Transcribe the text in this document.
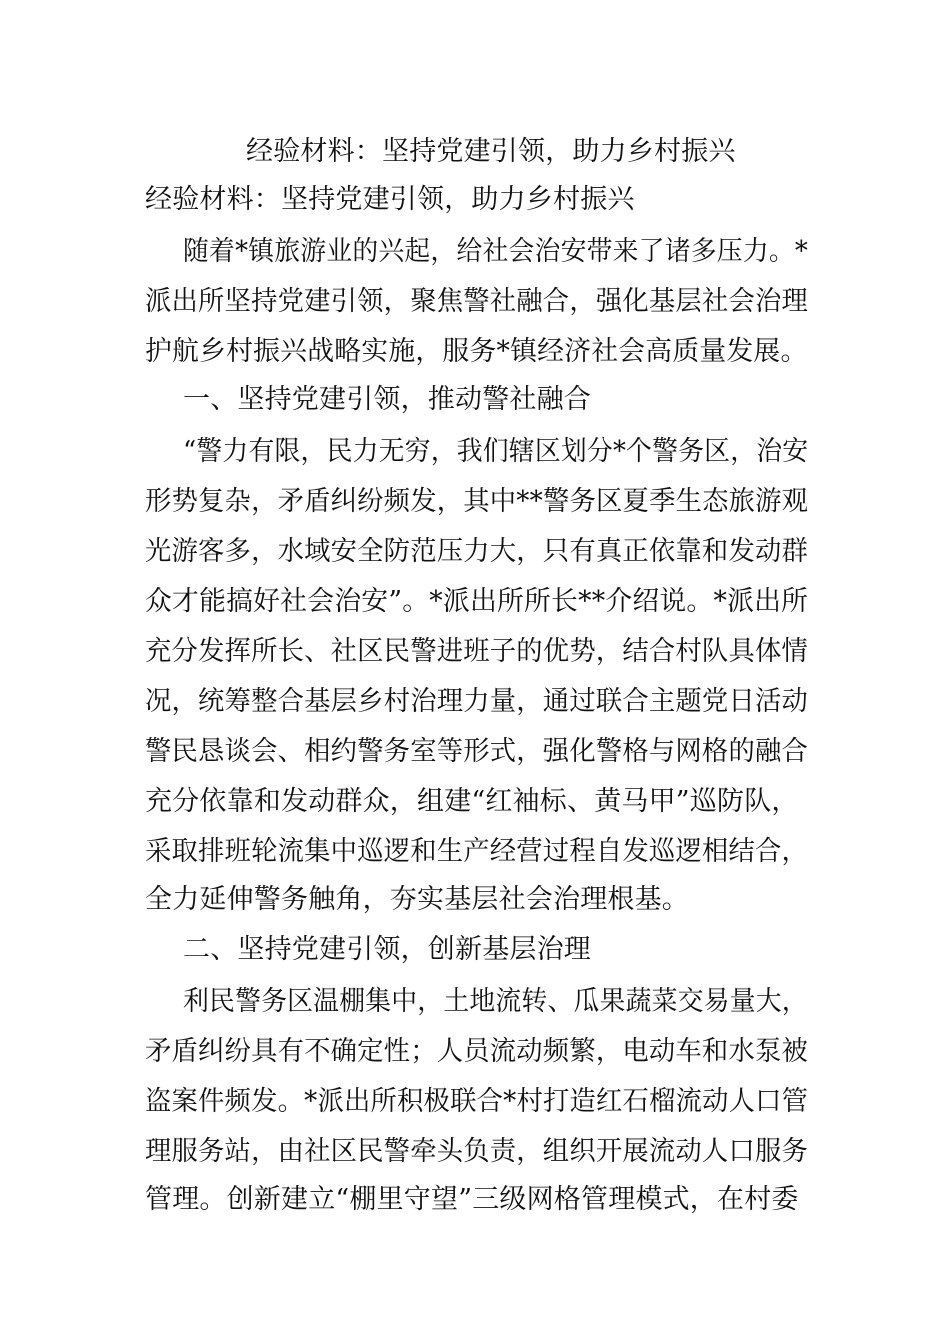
经验材料：坚持党建引领，助力乡村振兴
经验材料：坚持党建引领，助力乡村振兴
随着*镇旅游业的兴起，给社会治安带来了诸多压力。*
派出所坚持党建引领，聚焦警社融合，强化基层社会治理
护航乡村振兴战略实施，服务*镇经济社会高质量发展。
一、坚持党建引领，推动警社融合
“警力有限，民力无穷，我们辖区划分*个警务区，治安
形势复杂，矛盾纠纷频发，其中**警务区夏季生态旅游观
光游客多，水域安全防范压力大，只有真正依靠和发动群
众才能搞好社会治安”。*派出所所长**介绍说。*派出所
充分发挥所长、社区民警进班子的优势，结合村队具体情
况，统筹整合基层乡村治理力量，通过联合主题党日活动
警民恳谈会、相约警务室等形式，强化警格与网格的融合
充分依靠和发动群众，组建“红袖标、黄马甲”巡防队，
采取排班轮流集中巡逻和生产经营过程自发巡逻相结合，
全力延伸警务触角，夯实基层社会治理根基。
二、坚持党建引领，创新基层治理
利民警务区温棚集中，土地流转、瓜果蔬菜交易量大，
矛盾纠纷具有不确定性；人员流动频繁，电动车和水泵被
盗案件频发。*派出所积极联合*村打造红石榴流动人口管
理服务站，由社区民警牵头负责，组织开展流动人口服务
管理。创新建立“棚里守望”三级网格管理模式，在村委
